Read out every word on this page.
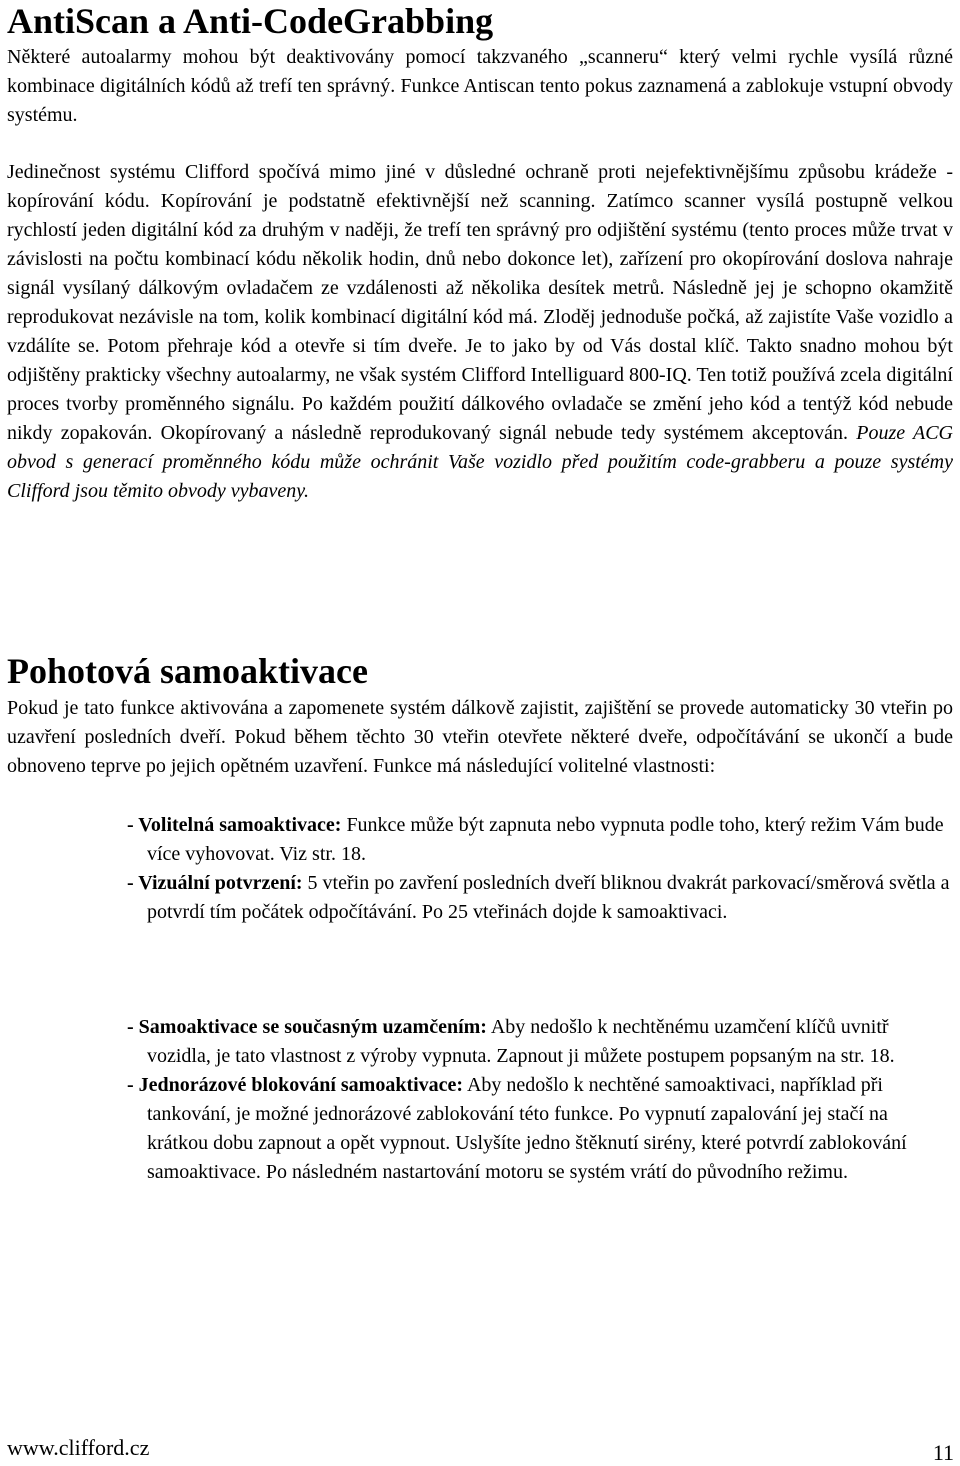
AntiScan a Anti-CodeGrabbing

Některé autoalarmy mohou být deaktivovány pomocí takzvaného „scanneru“ který velmi rychle vysílá různé kombinace digitálních kódů až trefí ten správný. Funkce Antiscan tento pokus zaznamená a zablokuje vstupní obvody systému.

Jedinečnost systému Clifford spočívá mimo jiné v důsledné ochraně proti nejefektivnějšímu způsobu krádeže - kopírování kódu. Kopírování je podstatně efektivnější než scanning. Zatímco scanner vysílá postupně velkou rychlostí jeden digitální kód za druhým v naději, že trefí ten správný pro odjištění systému (tento proces může trvat v závislosti na počtu kombinací kódu několik hodin, dnů nebo dokonce let), zařízení pro okopírování doslova nahraje signál vysílaný dálkovým ovladačem ze vzdálenosti až několika desítek metrů. Následně jej je schopno okamžitě reprodukovat nezávisle na tom, kolik kombinací digitální kód má. Zloděj jednoduše počká, až zajistíte Vaše vozidlo a vzdálíte se. Potom přehraje kód a otevře si tím dveře. Je to jako by od Vás dostal klíč. Takto snadno mohou být odjištěny prakticky všechny autoalarmy, ne však systém Clifford Intelliguard 800-IQ. Ten totiž používá zcela digitální proces tvorby proměnného signálu. Po každém použití dálkového ovladače se změní jeho kód a tentýž kód nebude nikdy zopakován. Okopírovaný a následně reprodukovaný signál nebude tedy systémem akceptován. Pouze ACG obvod s generací proměnného kódu může ochránit Vaše vozidlo před použitím code-grabberu a pouze systémy Clifford jsou těmito obvody vybaveny.

Pohotová samoaktivace

Pokud je tato funkce aktivována a zapomenete systém dálkově zajistit, zajištění se provede automaticky 30 vteřin po uzavření posledních dveří. Pokud během těchto 30 vteřin otevřete některé dveře, odpočítávání se ukončí a bude obnoveno teprve po jejich opětném uzavření. Funkce má následující volitelné vlastnosti:

- Volitelná samoaktivace: Funkce může být zapnuta nebo vypnuta podle toho, který režim Vám bude více vyhovovat. Viz str. 18.
- Vizuální potvrzení: 5 vteřin po zavření posledních dveří bliknou dvakrát parkovací/směrová světla a potvrdí tím počátek odpočítávání. Po 25 vteřinách dojde k samoaktivaci.
- Samoaktivace se současným uzamčením: Aby nedošlo k nechtěnému uzamčení klíčů uvnitř vozidla, je tato vlastnost z výroby vypnuta. Zapnout ji můžete postupem popsaným na str. 18.
- Jednorázové blokování samoaktivace: Aby nedošlo k nechtěné samoaktivaci, například při tankování, je možné jednorázové zablokování této funkce. Po vypnutí zapalování jej stačí na krátkou dobu zapnout a opět vypnout. Uslyšíte jedno štěknutí sirény, které potvrdí zablokování samoaktivace. Po následném nastartování motoru se systém vrátí do původního režimu.
www.clifford.cz	11
